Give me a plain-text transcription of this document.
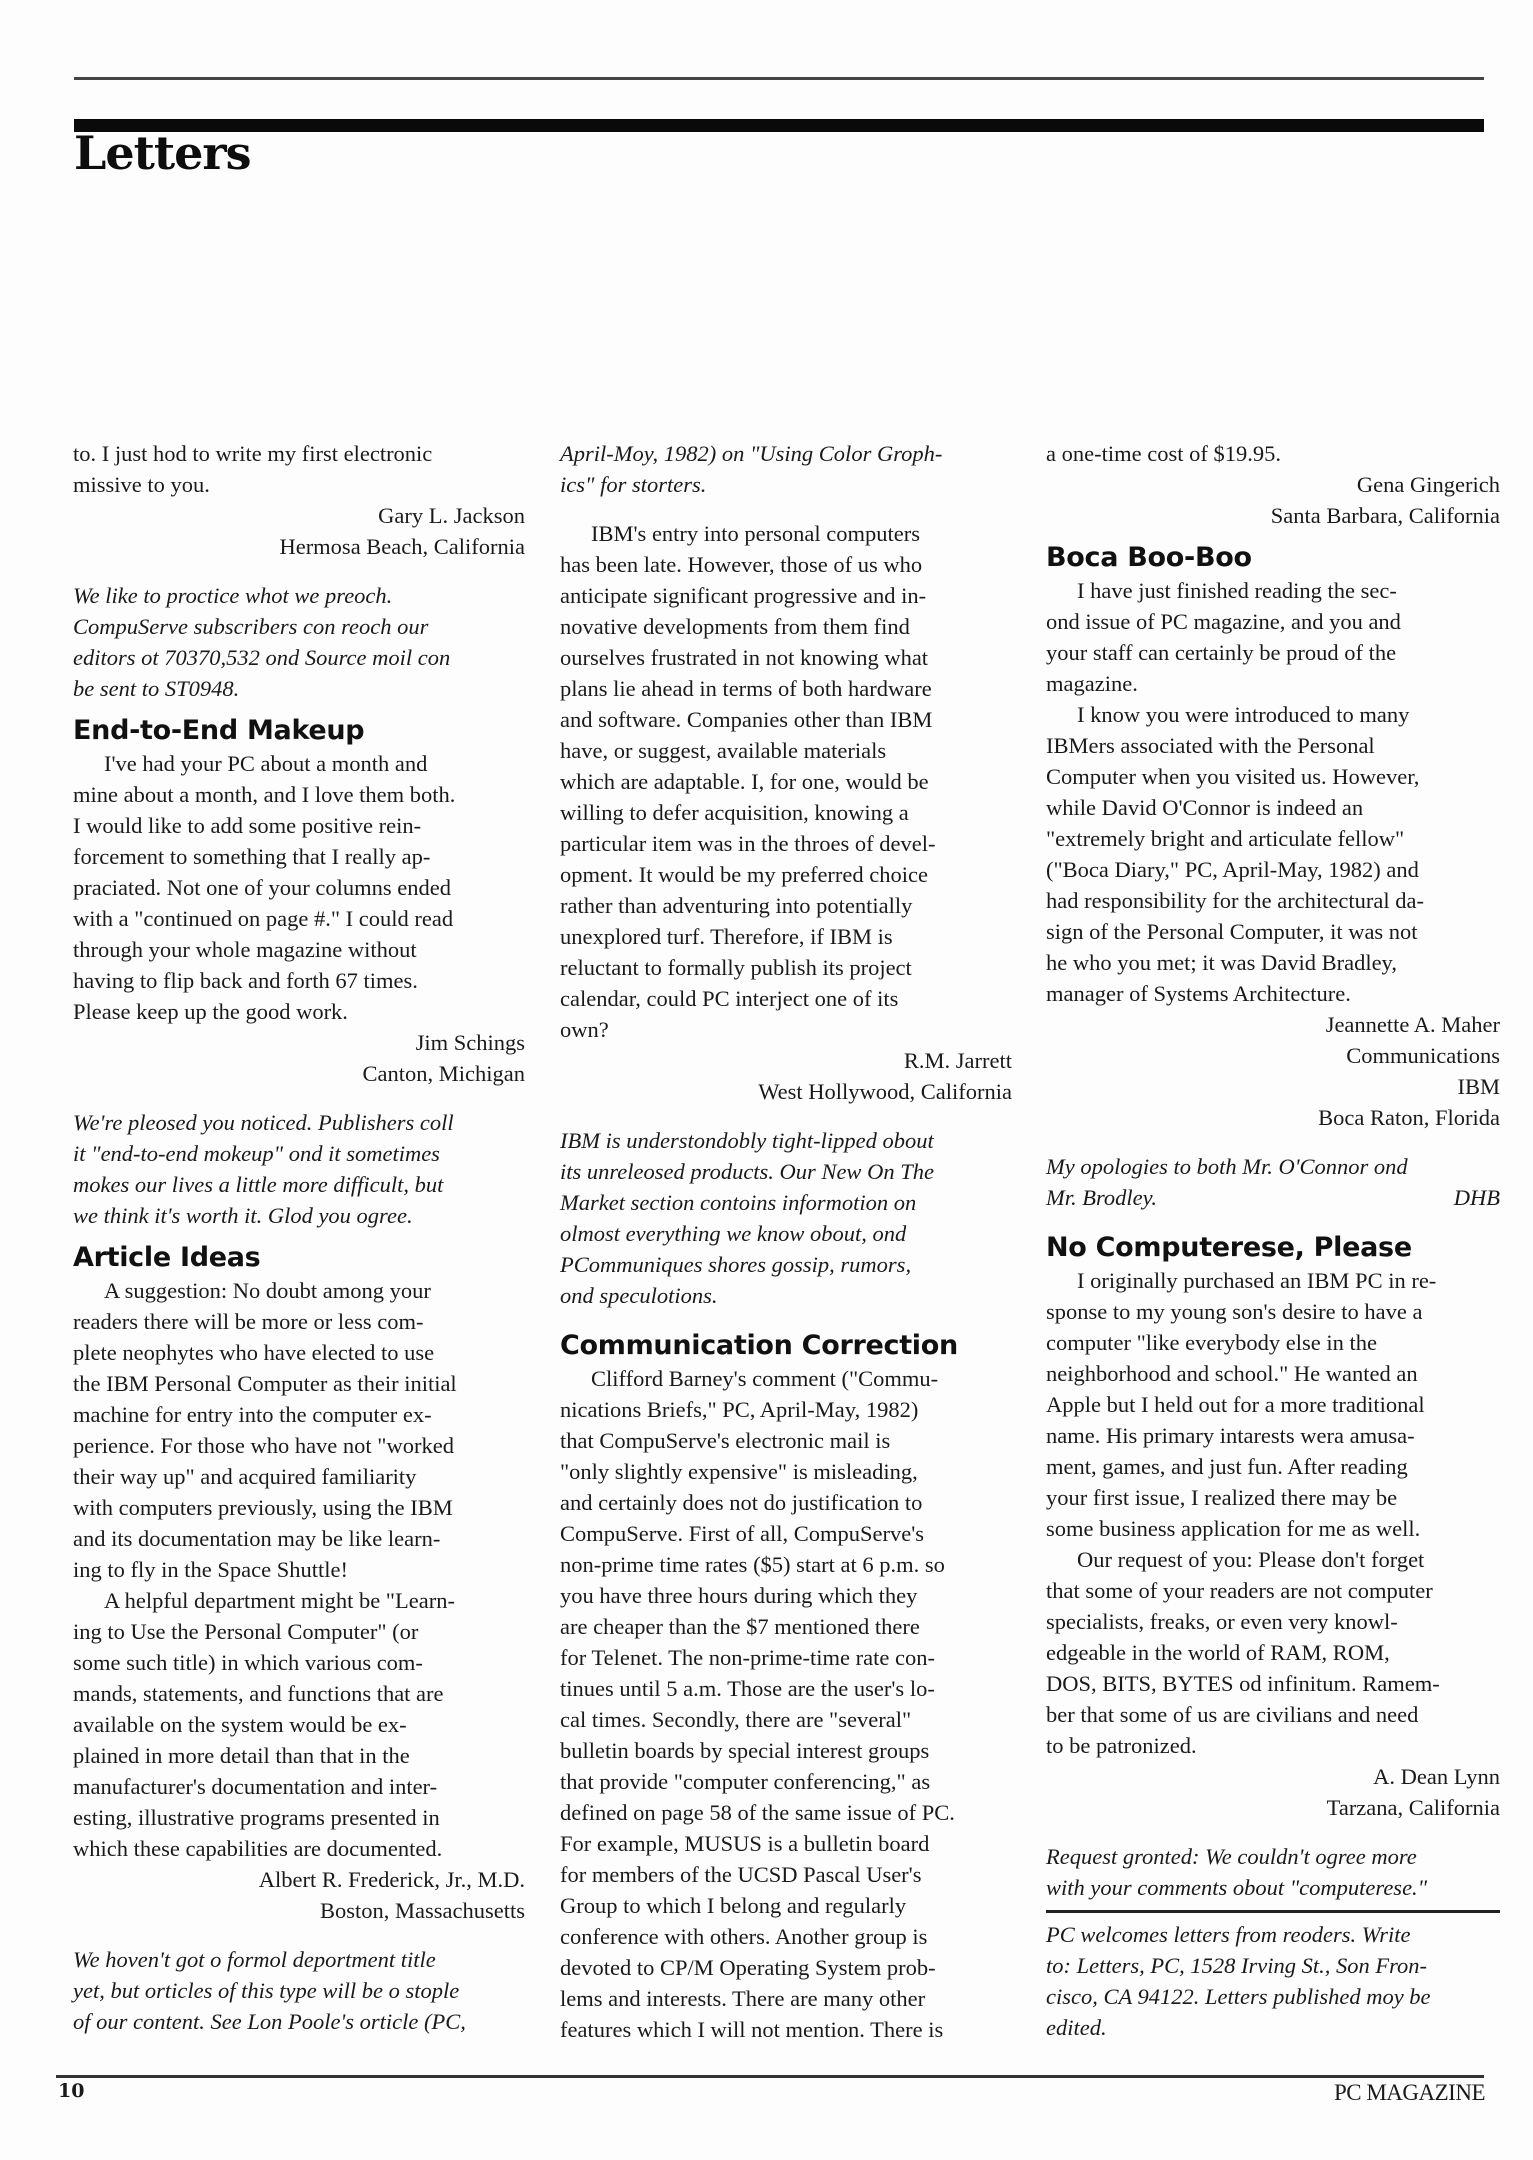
Letters
to. I just hod to write my first electronic
missive to you.
Gary L. Jackson
Hermosa Beach, California
We like to proctice whot we preoch.
CompuServe subscribers con reoch our
editors ot 70370,532 ond Source moil con
be sent to ST0948.
End-to-End Makeup
I've had your PC about a month and
mine about a month, and I love them both.
I would like to add some positive rein-
forcement to something that I really ap-
praciated. Not one of your columns ended
with a "continued on page #." I could read
through your whole magazine without
having to flip back and forth 67 times.
Please keep up the good work.
Jim Schings
Canton, Michigan
We're pleosed you noticed. Publishers coll
it "end-to-end mokeup" ond it sometimes
mokes our lives a little more difficult, but
we think it's worth it. Glod you ogree.
Article Ideas
A suggestion: No doubt among your
readers there will be more or less com-
plete neophytes who have elected to use
the IBM Personal Computer as their initial
machine for entry into the computer ex-
perience. For those who have not "worked
their way up" and acquired familiarity
with computers previously, using the IBM
and its documentation may be like learn-
ing to fly in the Space Shuttle!
A helpful department might be "Learn-
ing to Use the Personal Computer" (or
some such title) in which various com-
mands, statements, and functions that are
available on the system would be ex-
plained in more detail than that in the
manufacturer's documentation and inter-
esting, illustrative programs presented in
which these capabilities are documented.
Albert R. Frederick, Jr., M.D.
Boston, Massachusetts
We hoven't got o formol deportment title
yet, but orticles of this type will be o stople
of our content. See Lon Poole's orticle (PC,
April-Moy, 1982) on "Using Color Groph-
ics" for storters.
IBM's entry into personal computers
has been late. However, those of us who
anticipate significant progressive and in-
novative developments from them find
ourselves frustrated in not knowing what
plans lie ahead in terms of both hardware
and software. Companies other than IBM
have, or suggest, available materials
which are adaptable. I, for one, would be
willing to defer acquisition, knowing a
particular item was in the throes of devel-
opment. It would be my preferred choice
rather than adventuring into potentially
unexplored turf. Therefore, if IBM is
reluctant to formally publish its project
calendar, could PC interject one of its
own?
R.M. Jarrett
West Hollywood, California
IBM is understondobly tight-lipped obout
its unreleosed products. Our New On The
Market section contoins informotion on
olmost everything we know obout, ond
PCommuniques shores gossip, rumors,
ond speculotions.
Communication Correction
Clifford Barney's comment ("Commu-
nications Briefs," PC, April-May, 1982)
that CompuServe's electronic mail is
"only slightly expensive" is misleading,
and certainly does not do justification to
CompuServe. First of all, CompuServe's
non-prime time rates ($5) start at 6 p.m. so
you have three hours during which they
are cheaper than the $7 mentioned there
for Telenet. The non-prime-time rate con-
tinues until 5 a.m. Those are the user's lo-
cal times. Secondly, there are "several"
bulletin boards by special interest groups
that provide "computer conferencing," as
defined on page 58 of the same issue of PC.
For example, MUSUS is a bulletin board
for members of the UCSD Pascal User's
Group to which I belong and regularly
conference with others. Another group is
devoted to CP/M Operating System prob-
lems and interests. There are many other
features which I will not mention. There is
a one-time cost of $19.95.
Gena Gingerich
Santa Barbara, California
Boca Boo-Boo
I have just finished reading the sec-
ond issue of PC magazine, and you and
your staff can certainly be proud of the
magazine.
I know you were introduced to many
IBMers associated with the Personal
Computer when you visited us. However,
while David O'Connor is indeed an
"extremely bright and articulate fellow"
("Boca Diary," PC, April-May, 1982) and
had responsibility for the architectural da-
sign of the Personal Computer, it was not
he who you met; it was David Bradley,
manager of Systems Architecture.
Jeannette A. Maher
Communications
IBM
Boca Raton, Florida
My opologies to both Mr. O'Connor ond
Mr. Brodley.	DHB
No Computerese, Please
I originally purchased an IBM PC in re-
sponse to my young son's desire to have a
computer "like everybody else in the
neighborhood and school." He wanted an
Apple but I held out for a more traditional
name. His primary intarests wera amusa-
ment, games, and just fun. After reading
your first issue, I realized there may be
some business application for me as well.
Our request of you: Please don't forget
that some of your readers are not computer
specialists, freaks, or even very knowl-
edgeable in the world of RAM, ROM,
DOS, BITS, BYTES od infinitum. Ramem-
ber that some of us are civilians and need
to be patronized.
A. Dean Lynn
Tarzana, California
Request gronted: We couldn't ogree more
with your comments obout "computerese."
PC welcomes letters from reoders. Write
to: Letters, PC, 1528 Irving St., Son Fron-
cisco, CA 94122. Letters published moy be
edited.
10	PC MAGAZINE
